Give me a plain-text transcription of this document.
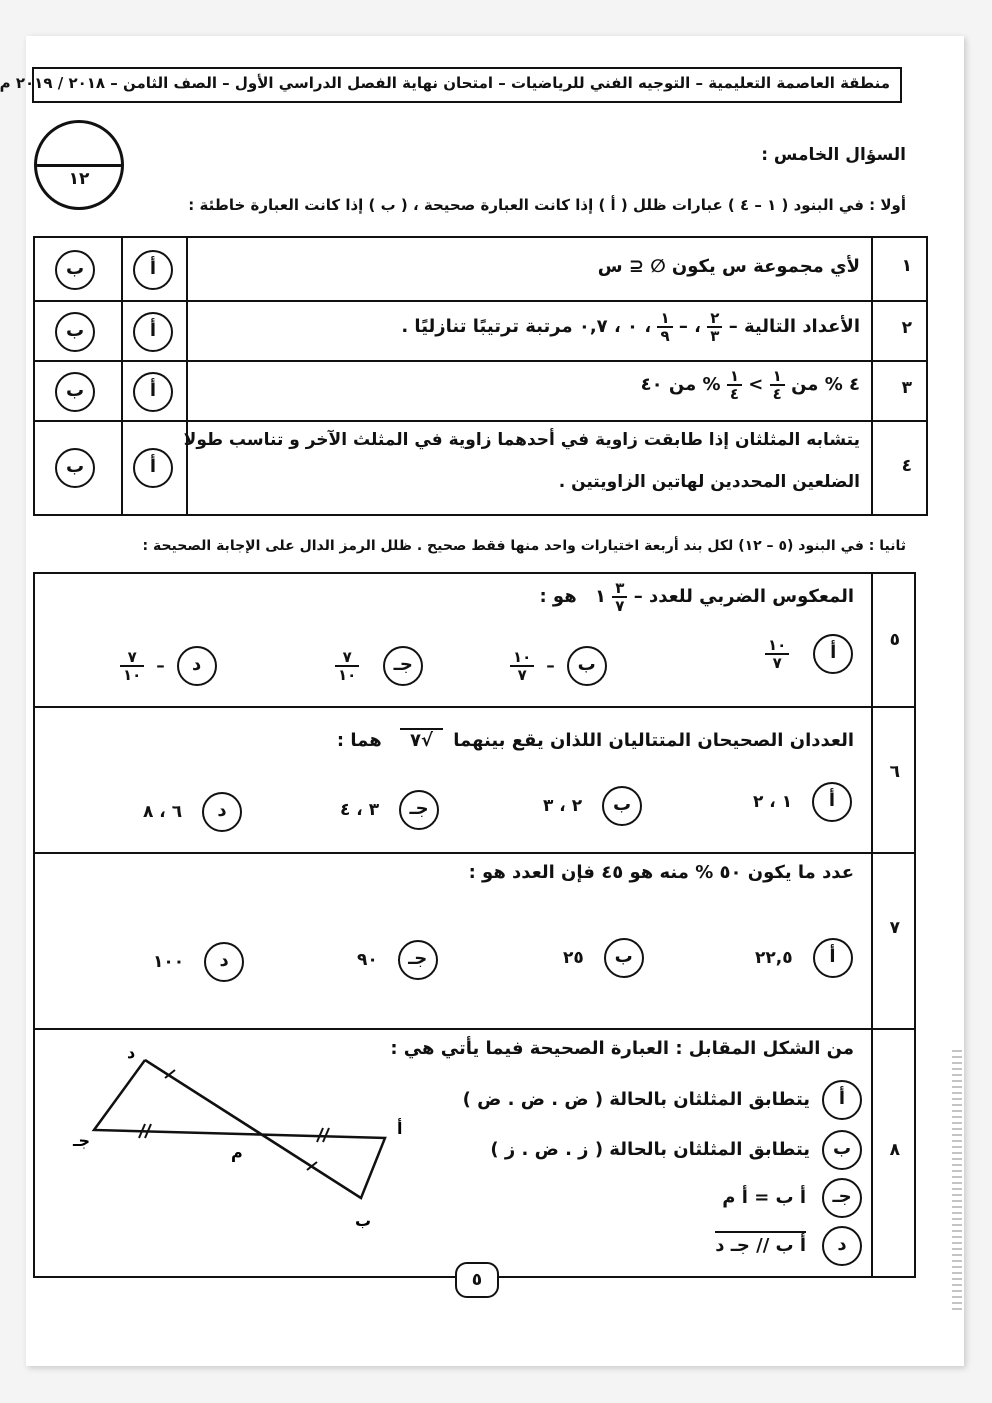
منطقة العاصمة التعليمية – التوجيه الفني للرياضيات – امتحان نهاية الفصل الدراسي الأول – الصف الثامن – ٢٠١٨ / ٢٠١٩ م
السؤال الخامس :
١٢
أولا : في البنود ( ١ – ٤ ) عبارات ظلل ( أ ) إذا كانت العبارة صحيحة ، ( ب ) إذا كانت العبارة خاطئة :
ب	أ	لأي مجموعة س يكون ∅ ⊆ س ١
ب	أ	الأعداد التالية –
$\frac{٢}{٣}$
، –
$\frac{١}{٩}$
، ٠ ، ٠,٧ مرتبة ترتيبًا تنازليًا .	٢
ب	أ	٤ % من
$\frac{١}{٤}$
>
$\frac{١}{٤}$
% من ٤٠	٣
ب	أ
يتشابه المثلثان إذا طابقت زاوية في أحدهما زاوية في المثلث الآخر و تناسب طولا
الضلعين المحددين لهاتين الزاويتين .
٤
ثانيا : في البنود (٥ – ١٢) لكل بند أربعة اختيارات واحد منها فقط صحيح . ظلل الرمز الدال على الإجابة الصحيحة :
٥
المعكوس الضربي للعدد –
$\frac{٣}{٧}$
١ هو :
أ
$\frac{١٠}{٧}$
ب –
$\frac{١٠}{٧}$
جـ
$\frac{٧}{١٠}$
د –
$\frac{٧}{١٠}$
٦
العددان الصحيحان المتتاليان اللذان يقع بينهما √٧ هما :
أ ١ ، ٢
ب ٢ ، ٣
جـ ٣ ، ٤
د ٦ ، ٨
٧
عدد ما يكون ٥٠ % منه هو ٤٥ فإن العدد هو :
أ ٢٢,٥
ب ٢٥
جـ ٩٠
د ١٠٠
٨
من الشكل المقابل : العبارة الصحيحة فيما يأتي هي :
أ يتطابق المثلثان بالحالة ( ض . ض . ض )
ب يتطابق المثلثان بالحالة ( ز . ض . ز )
جـ أ ب = أ م
د أ ب // جـ د
د
جـ
م
أ
ب
٥
